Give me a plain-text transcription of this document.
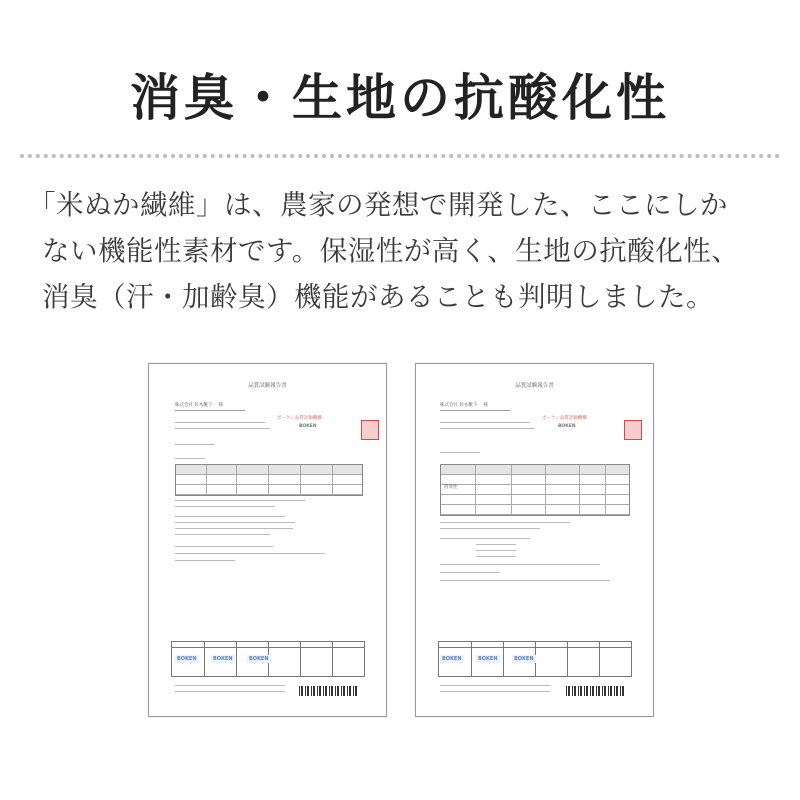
消臭・生地の抗酸化性
「米ぬか繊維」は、農家の発想で開発した、ここにしか
ない機能性素材です。保湿性が高く、生地の抗酸化性、
消臭（汗・加齢臭）機能があることも判明しました。
品質試験報告書
株式会社 鈴木靴下　 様
ボーケン品質評価機構
BOKEN
BOKEN	BOKEN	BOKEN
品質試験報告書
株式会社 鈴木靴下　 様
ボーケン品質評価機構
BOKEN
消臭性
BOKEN	BOKEN	BOKEN
